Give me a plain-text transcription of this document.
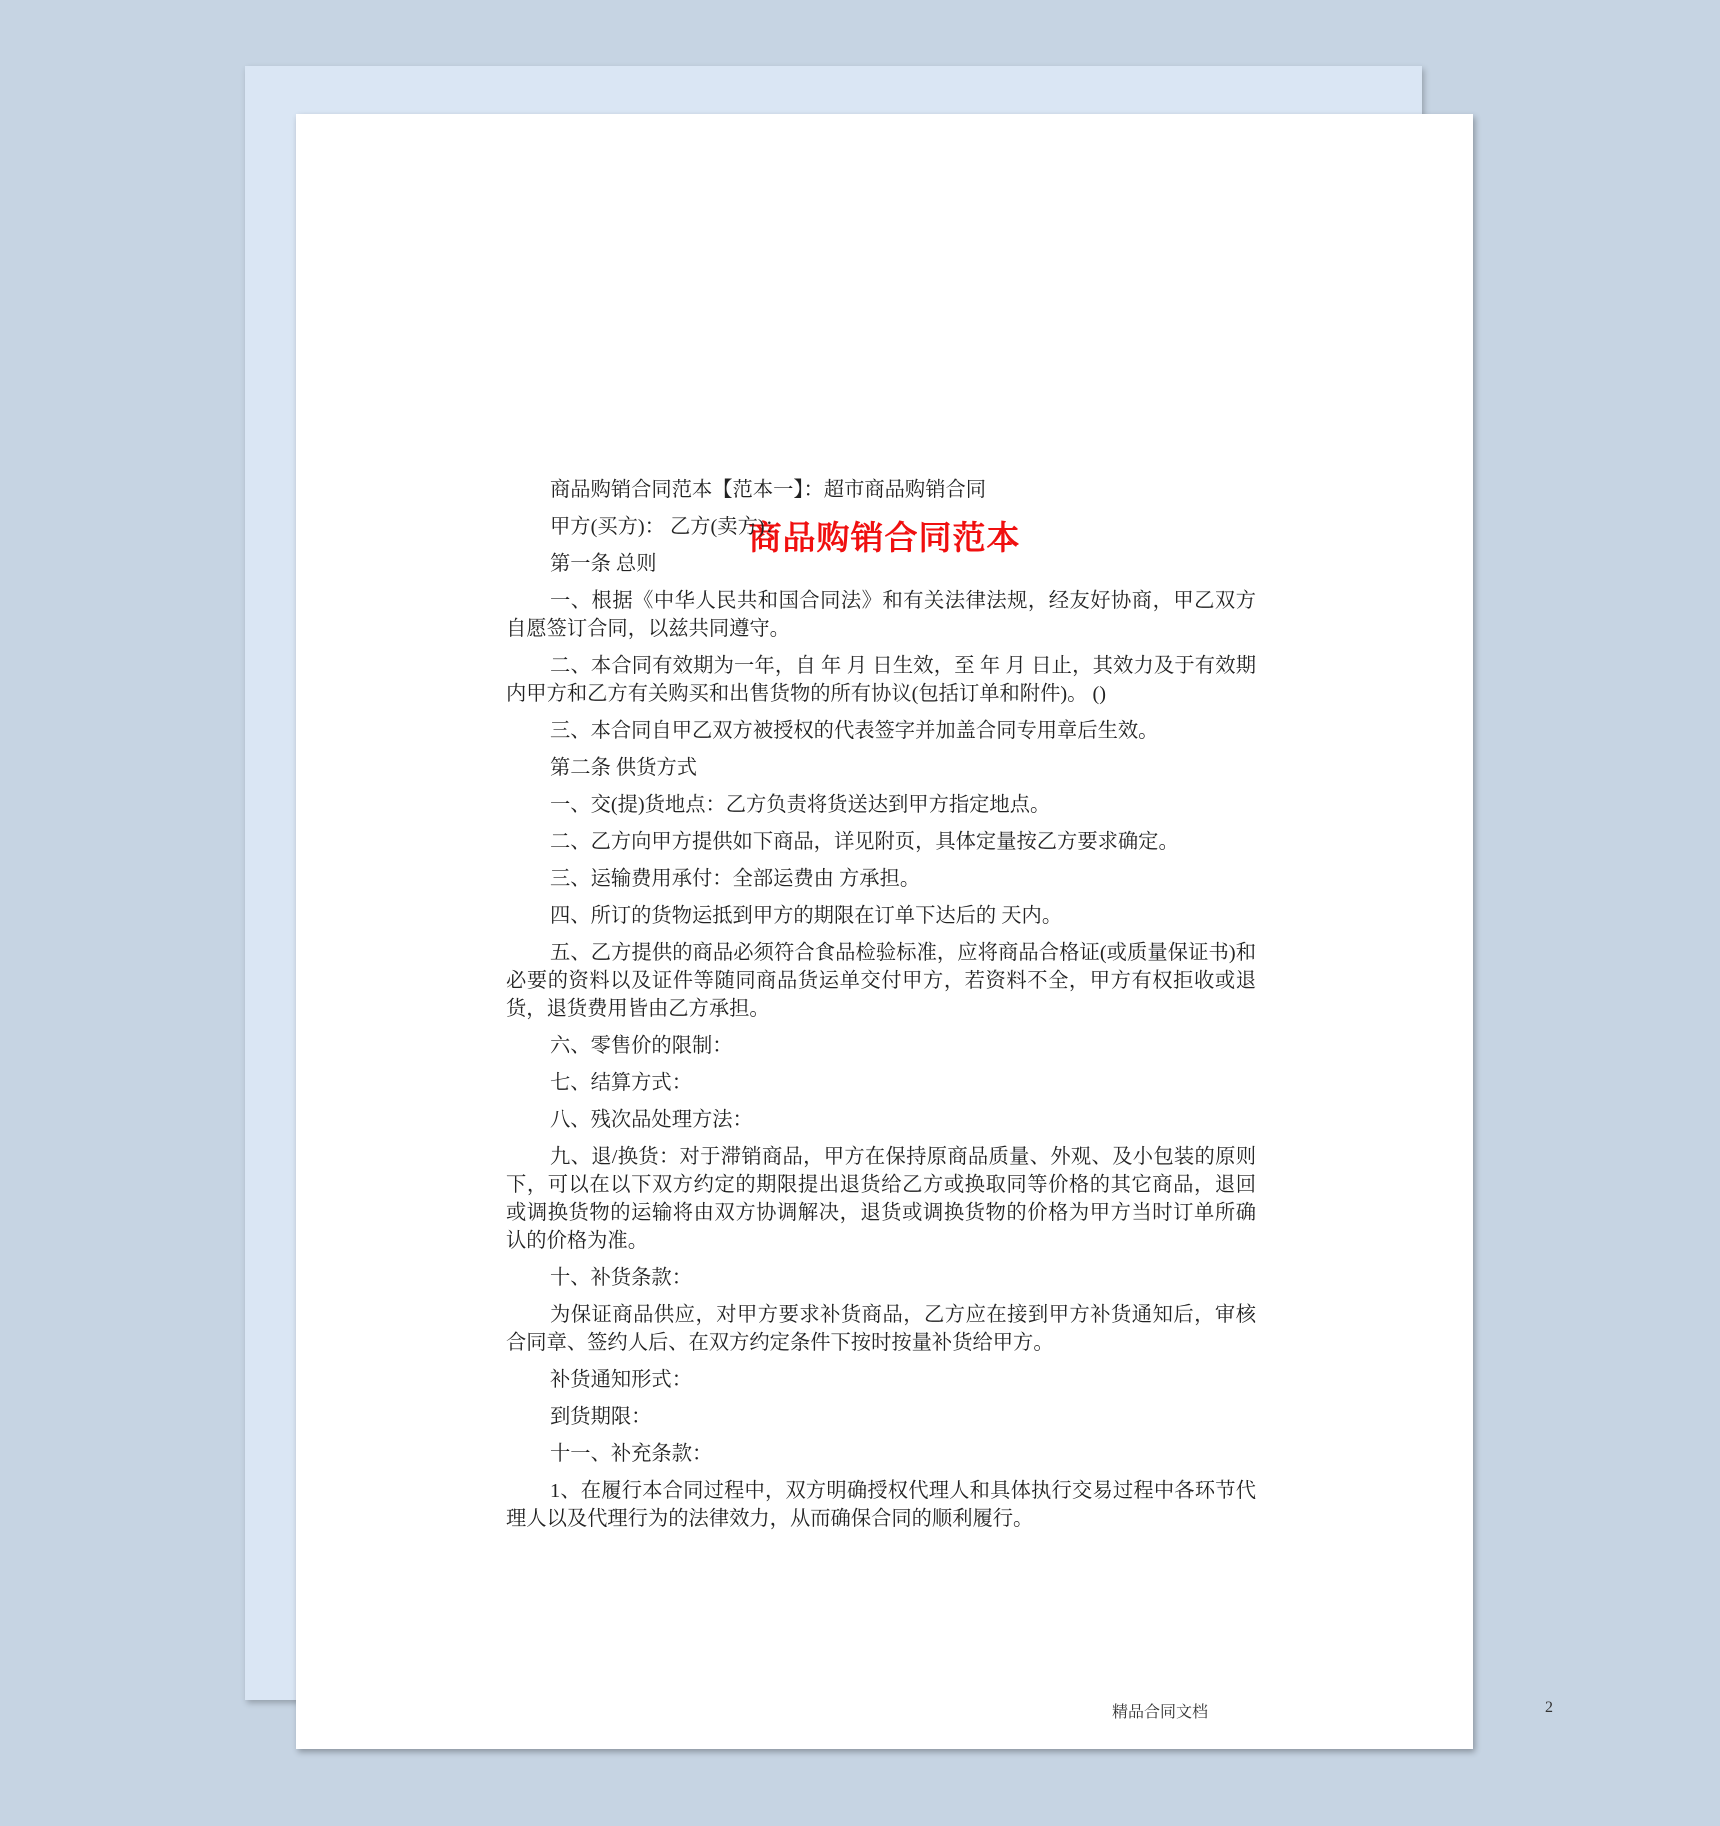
商品购销合同范本
精品合同文档	2

商品购销合同范本【范本一】：超市商品购销合同

甲方(买方)： 乙方(卖方)：

第一条 总则

一、根据《中华人民共和国合同法》和有关法律法规，经友好协商，甲乙双方自愿签订合同，以兹共同遵守。

二、本合同有效期为一年，自 年 月 日生效，至 年 月 日止，其效力及于有效期内甲方和乙方有关购买和出售货物的所有协议(包括订单和附件)。 ()

三、本合同自甲乙双方被授权的代表签字并加盖合同专用章后生效。

第二条 供货方式

一、交(提)货地点：乙方负责将货送达到甲方指定地点。

二、乙方向甲方提供如下商品，详见附页，具体定量按乙方要求确定。

三、运输费用承付：全部运费由 方承担。

四、所订的货物运抵到甲方的期限在订单下达后的 天内。

五、乙方提供的商品必须符合食品检验标准，应将商品合格证(或质量保证书)和必要的资料以及证件等随同商品货运单交付甲方，若资料不全，甲方有权拒收或退货，退货费用皆由乙方承担。

六、零售价的限制：

七、结算方式：

八、残次品处理方法：

九、退/换货：对于滞销商品，甲方在保持原商品质量、外观、及小包装的原则下，可以在以下双方约定的期限提出退货给乙方或换取同等价格的其它商品，退回或调换货物的运输将由双方协调解决，退货或调换货物的价格为甲方当时订单所确认的价格为准。

十、补货条款：

为保证商品供应，对甲方要求补货商品，乙方应在接到甲方补货通知后，审核合同章、签约人后、在双方约定条件下按时按量补货给甲方。

补货通知形式：

到货期限：

十一、补充条款：

1、在履行本合同过程中，双方明确授权代理人和具体执行交易过程中各环节代理人以及代理行为的法律效力，从而确保合同的顺利履行。
